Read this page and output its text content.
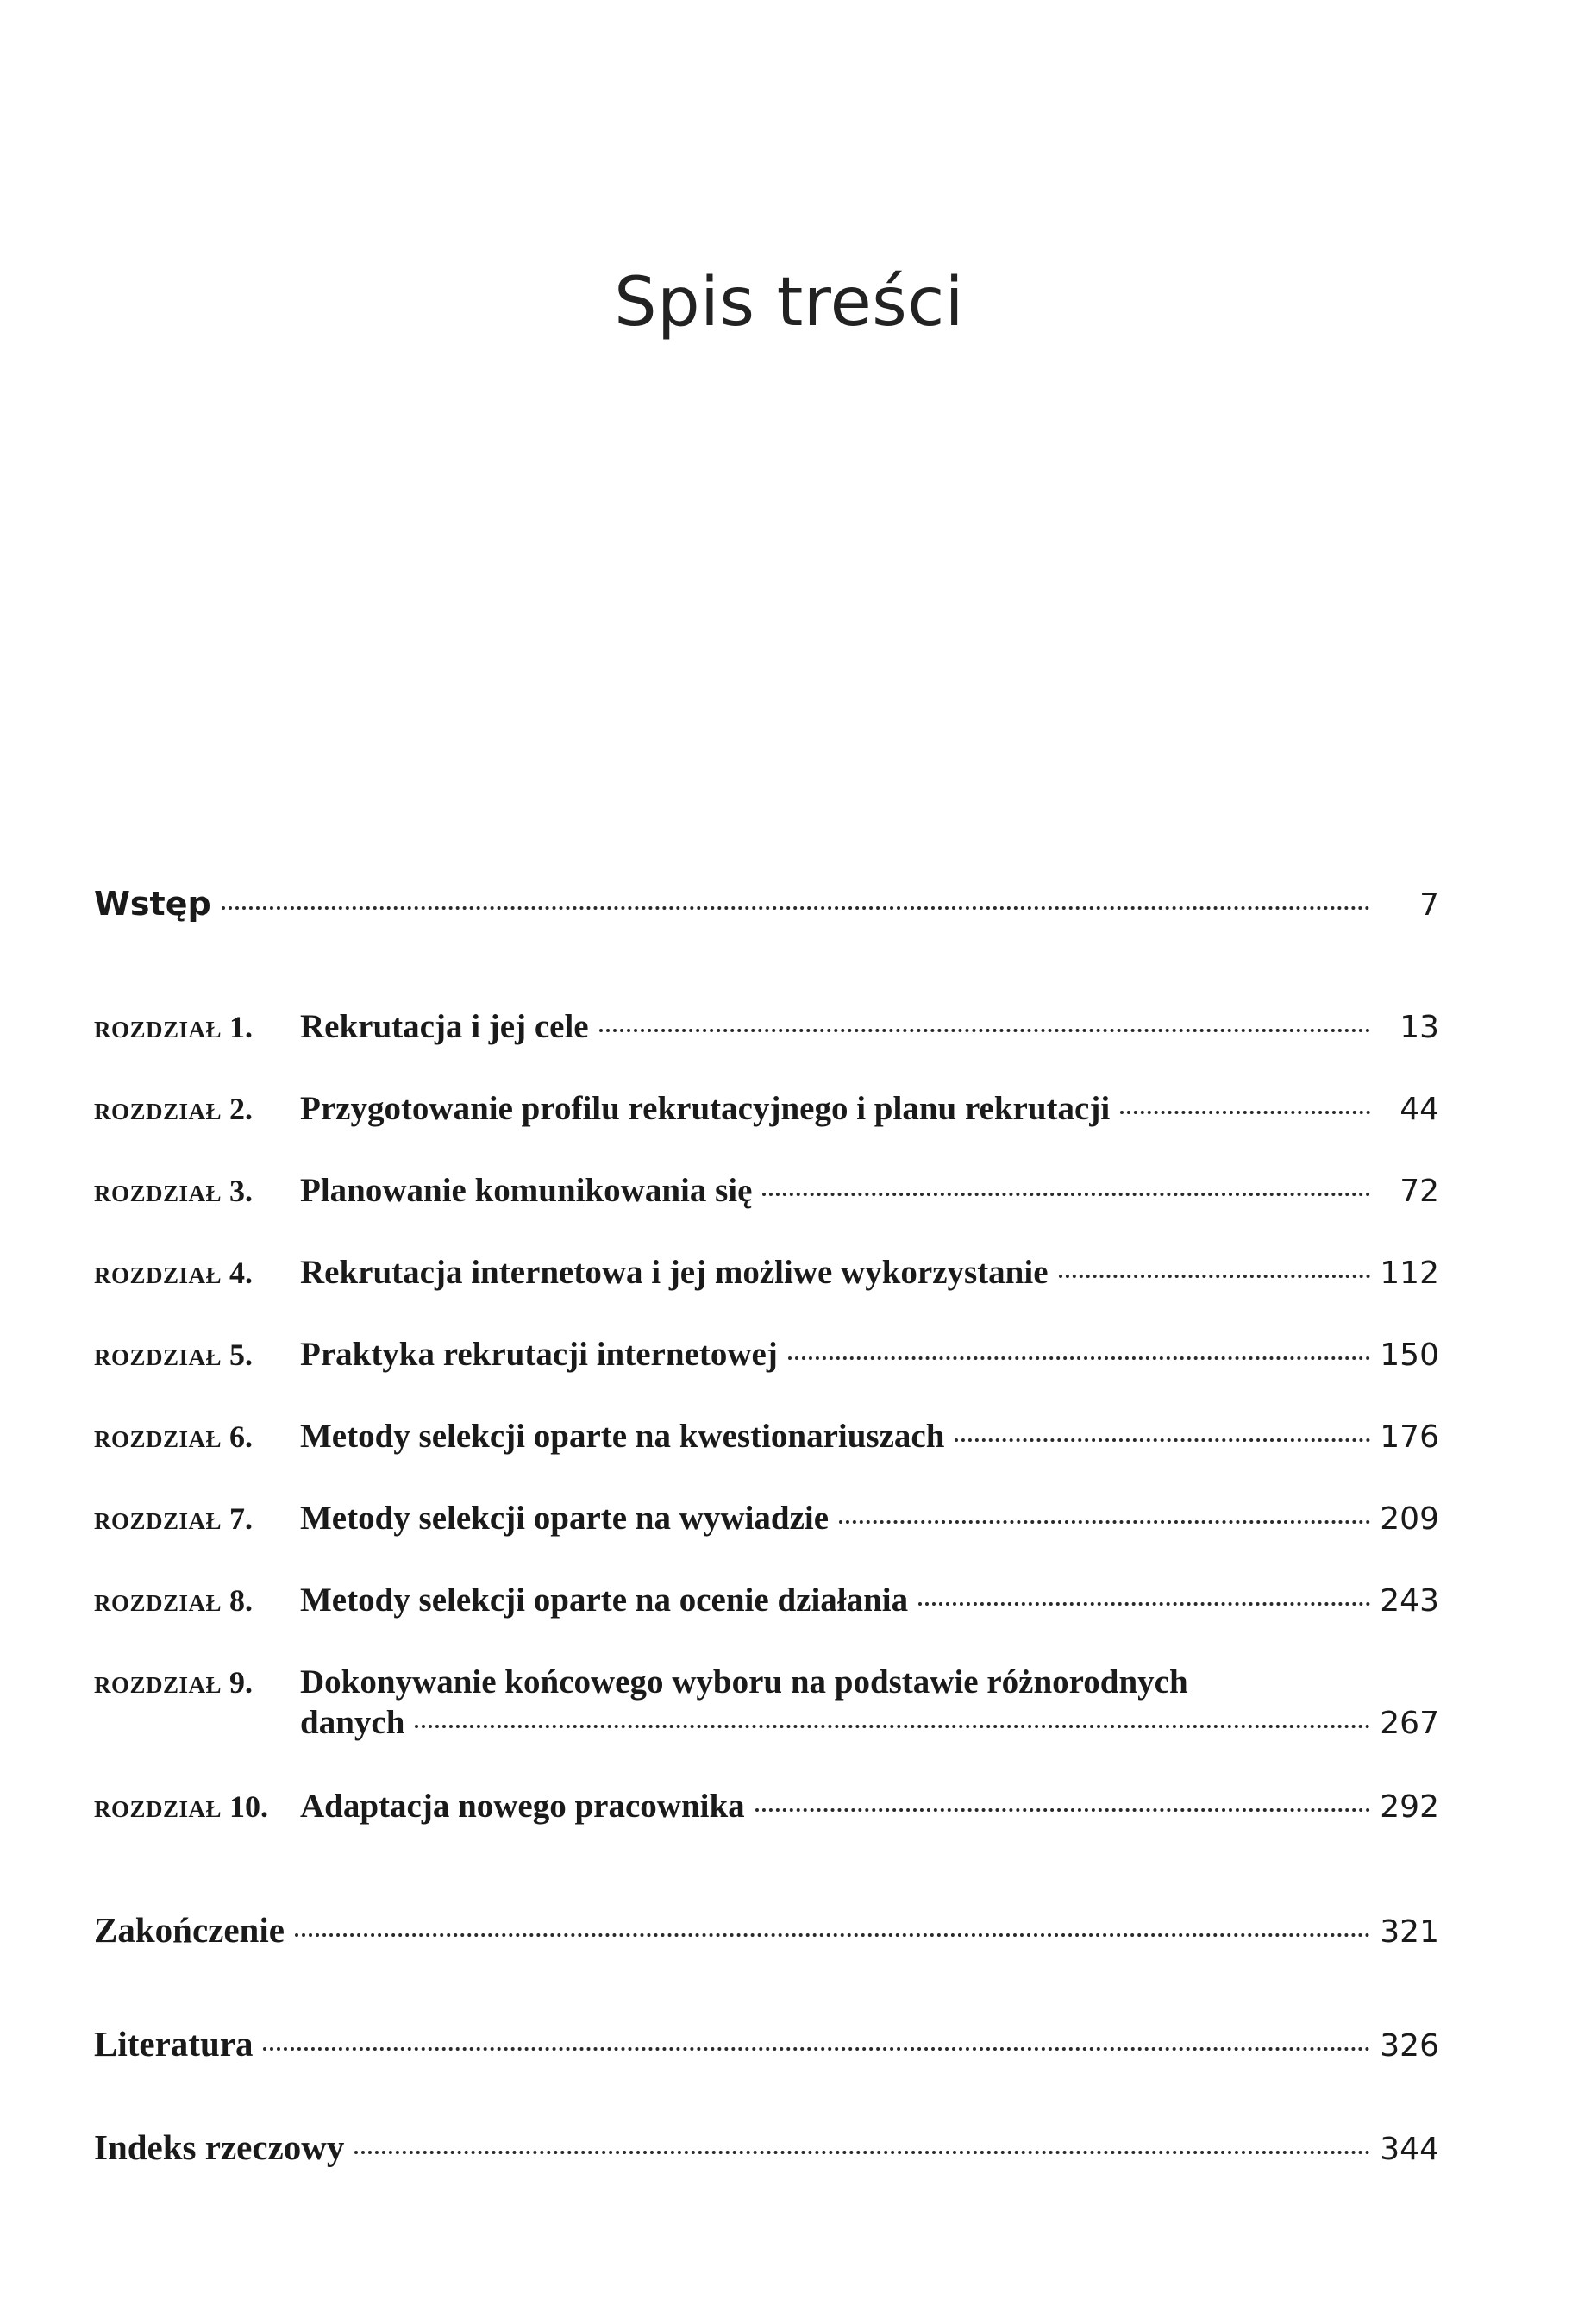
Spis treści
Wstęp	7
ROZDZIAŁ 1.	Rekrutacja i jej cele	13
ROZDZIAŁ 2.	Przygotowanie profilu rekrutacyjnego i planu rekrutacji	44
ROZDZIAŁ 3.	Planowanie komunikowania się	72
ROZDZIAŁ 4.	Rekrutacja internetowa i jej możliwe wykorzystanie	112
ROZDZIAŁ 5.	Praktyka rekrutacji internetowej	150
ROZDZIAŁ 6.	Metody selekcji oparte na kwestionariuszach	176
ROZDZIAŁ 7.	Metody selekcji oparte na wywiadzie	209
ROZDZIAŁ 8.	Metody selekcji oparte na ocenie działania	243
ROZDZIAŁ 9.	Dokonywanie końcowego wyboru na podstawie różnorodnych
danych	267
ROZDZIAŁ 10. Adaptacja nowego pracownika	292
Zakończenie	321
Literatura	326
Indeks rzeczowy	344
